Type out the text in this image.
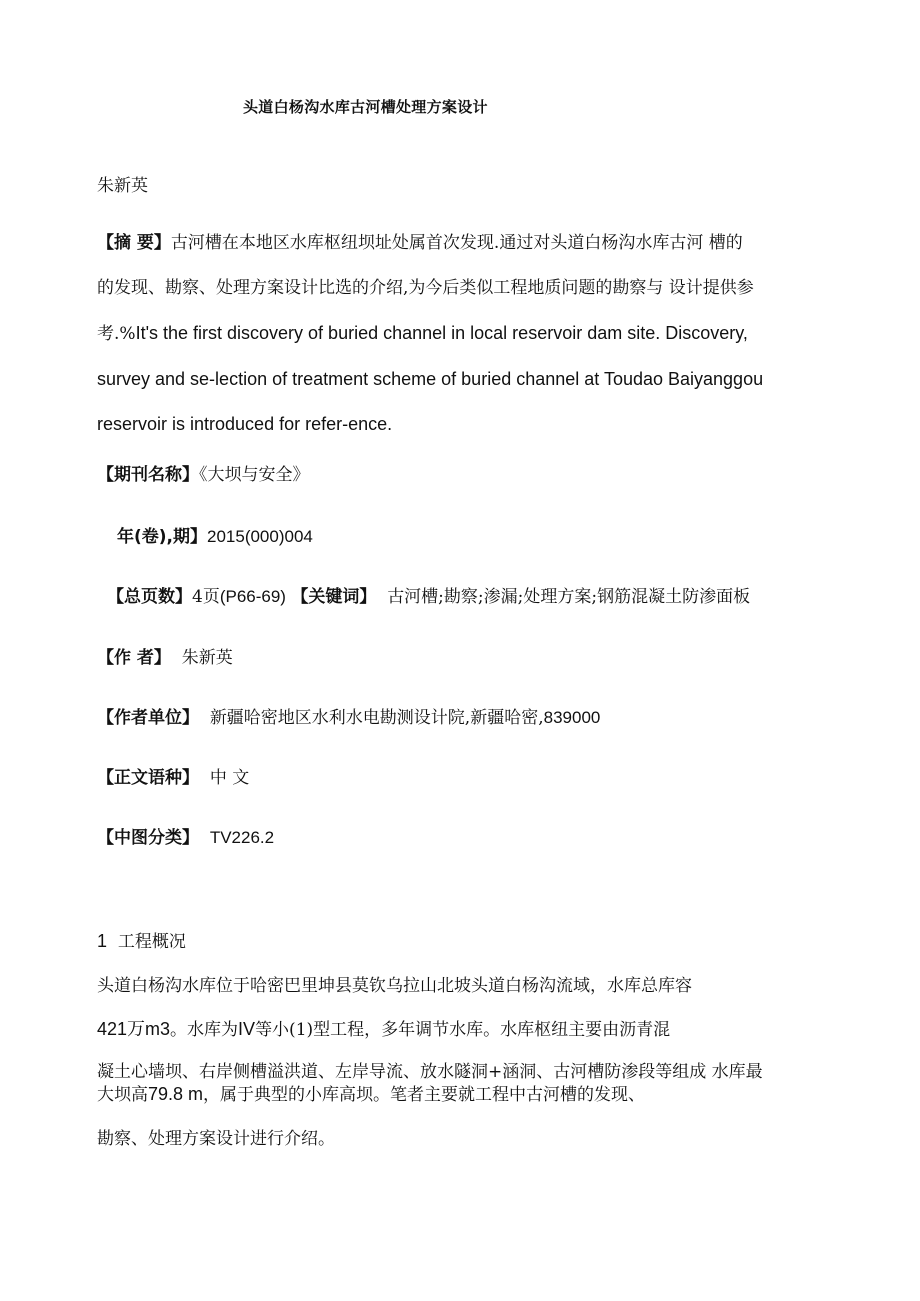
头道白杨沟水库古河槽处理方案设计
朱新英
【摘 要】古河槽在本地区水库枢纽坝址处属首次发现.通过对头道白杨沟水库古河 槽的
的发现、勘察、处理方案设计比选的介绍,为今后类似工程地质问题的勘察与 设计提供参
考.%It's the first discovery of buried channel in local reservoir dam site. Discovery,
survey and se-lection of treatment scheme of buried channel at Toudao Baiyanggou
reservoir is introduced for refer-ence.
【期刊名称】《大坝与安全》
年(卷),期】2015(000)004
【总页数】4页(P66-69) 【关键词】 古河槽;勘察;渗漏;处理方案;钢筋混凝土防渗面板
【作 者】 朱新英
【作者单位】 新疆哈密地区水利水电勘测设计院,新疆哈密,839000
【正文语种】 中 文
【中图分类】 TV226.2
1 工程概况
头道白杨沟水库位于哈密巴里坤县莫钦乌拉山北坡头道白杨沟流域，水库总库容
421万m3。水库为IV等小(1)型工程，多年调节水库。水库枢纽主要由沥青混
凝土心墙坝、右岸侧槽溢洪道、左岸导流、放水隧洞+涵洞、古河槽防渗段等组成 水库最
大坝高79.8 m，属于典型的小库高坝。笔者主要就工程中古河槽的发现、
勘察、处理方案设计进行介绍。
